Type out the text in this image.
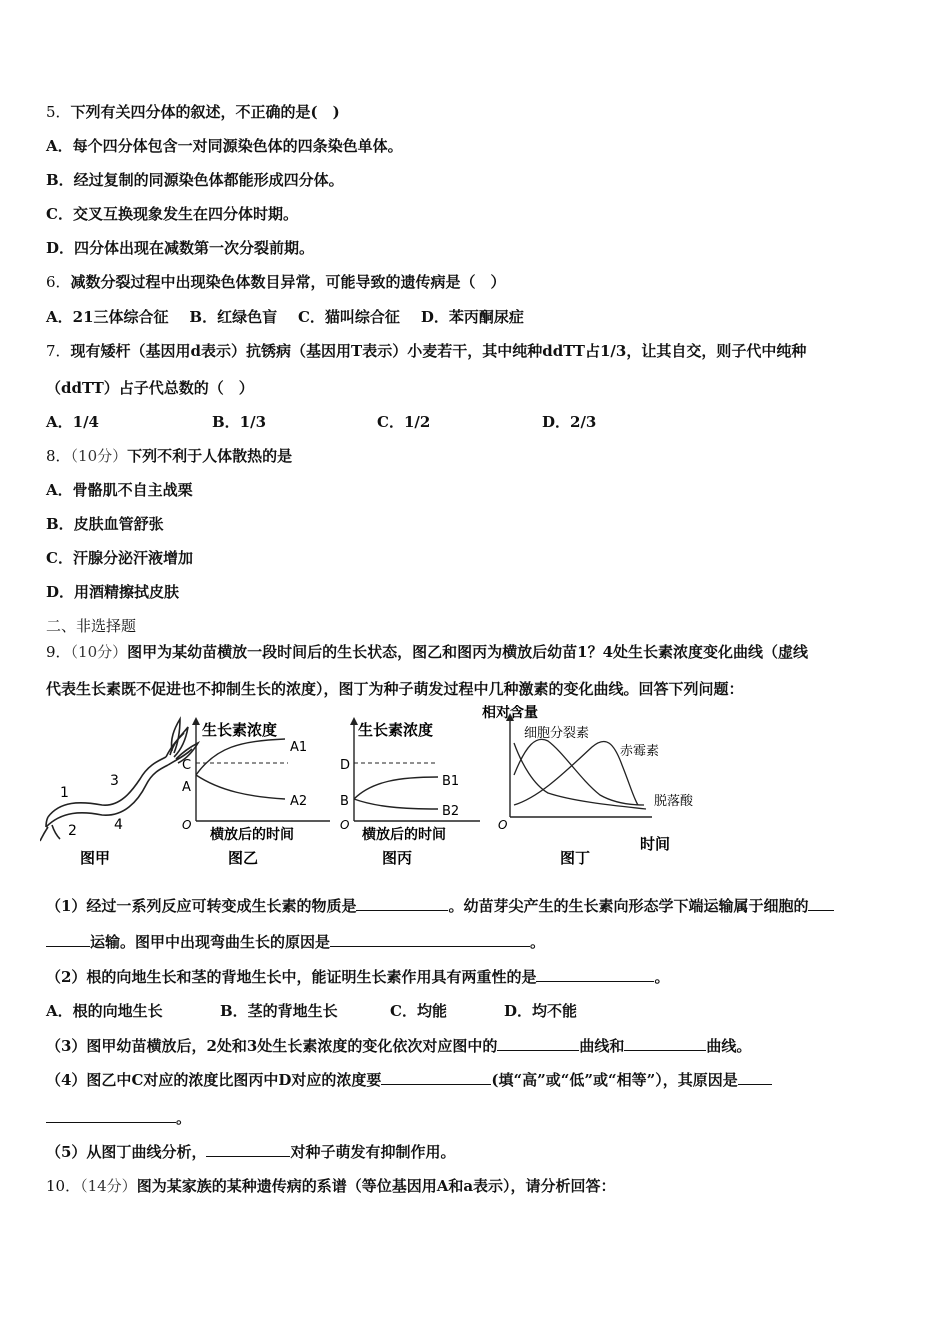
5．下列有关四分体的叙述，不正确的是(　)
A．每个四分体包含一对同源染色体的四条染色单体。
B．经过复制的同源染色体都能形成四分体。
C．交叉互换现象发生在四分体时期。
D．四分体出现在减数第一次分裂前期。
6．减数分裂过程中出现染色体数目异常，可能导致的遗传病是（　）
A．21三体综合征 B．红绿色盲 C．猫叫综合征 D．苯丙酮尿症
7．现有矮杆（基因用d表示）抗锈病（基因用T表示）小麦若干，其中纯种ddTT占1/3，让其自交，则子代中纯种
（ddTT）占子代总数的（　）
A．1/4	B．1/3	C．1/2	D．2/3
8．（10分）下列不利于人体散热的是
A．骨骼肌不自主战栗
B．皮肤血管舒张
C．汗腺分泌汗液增加
D．用酒精擦拭皮肤
二、非选择题
9．（10分）图甲为某幼苗横放一段时间后的生长状态，图乙和图丙为横放后幼苗1？4处生长素浓度变化曲线（虚线
代表生长素既不促进也不抑制生长的浓度），图丁为种子萌发过程中几种激素的变化曲线。回答下列问题：
1
2
3
4
图甲
生长素浓度
C
A
A1
A2
O
横放后的时间
图乙
生长素浓度
D
B
B1
B2
O
横放后的时间
图丙
相对含量
细胞分裂素
赤霉素
脱落酸
O
时间
图丁
（1）经过一系列反应可转变成生长素的物质是	。幼苗芽尖产生的生长素向形态学下端运输属于细胞的
运输。图甲中出现弯曲生长的原因是	。
（2）根的向地生长和茎的背地生长中，能证明生长素作用具有两重性的是	。
A．根的向地生长	B．茎的背地生长	C．均能	D．均不能
（3）图甲幼苗横放后，2处和3处生长素浓度的变化依次对应图中的	曲线和	曲线。
（4）图乙中C对应的浓度比图丙中D对应的浓度要	(填“高”或“低”或“相等”），其原因是
。
（5）从图丁曲线分析，	对种子萌发有抑制作用。
10．（14分）图为某家族的某种遗传病的系谱（等位基因用A和a表示），请分析回答：
